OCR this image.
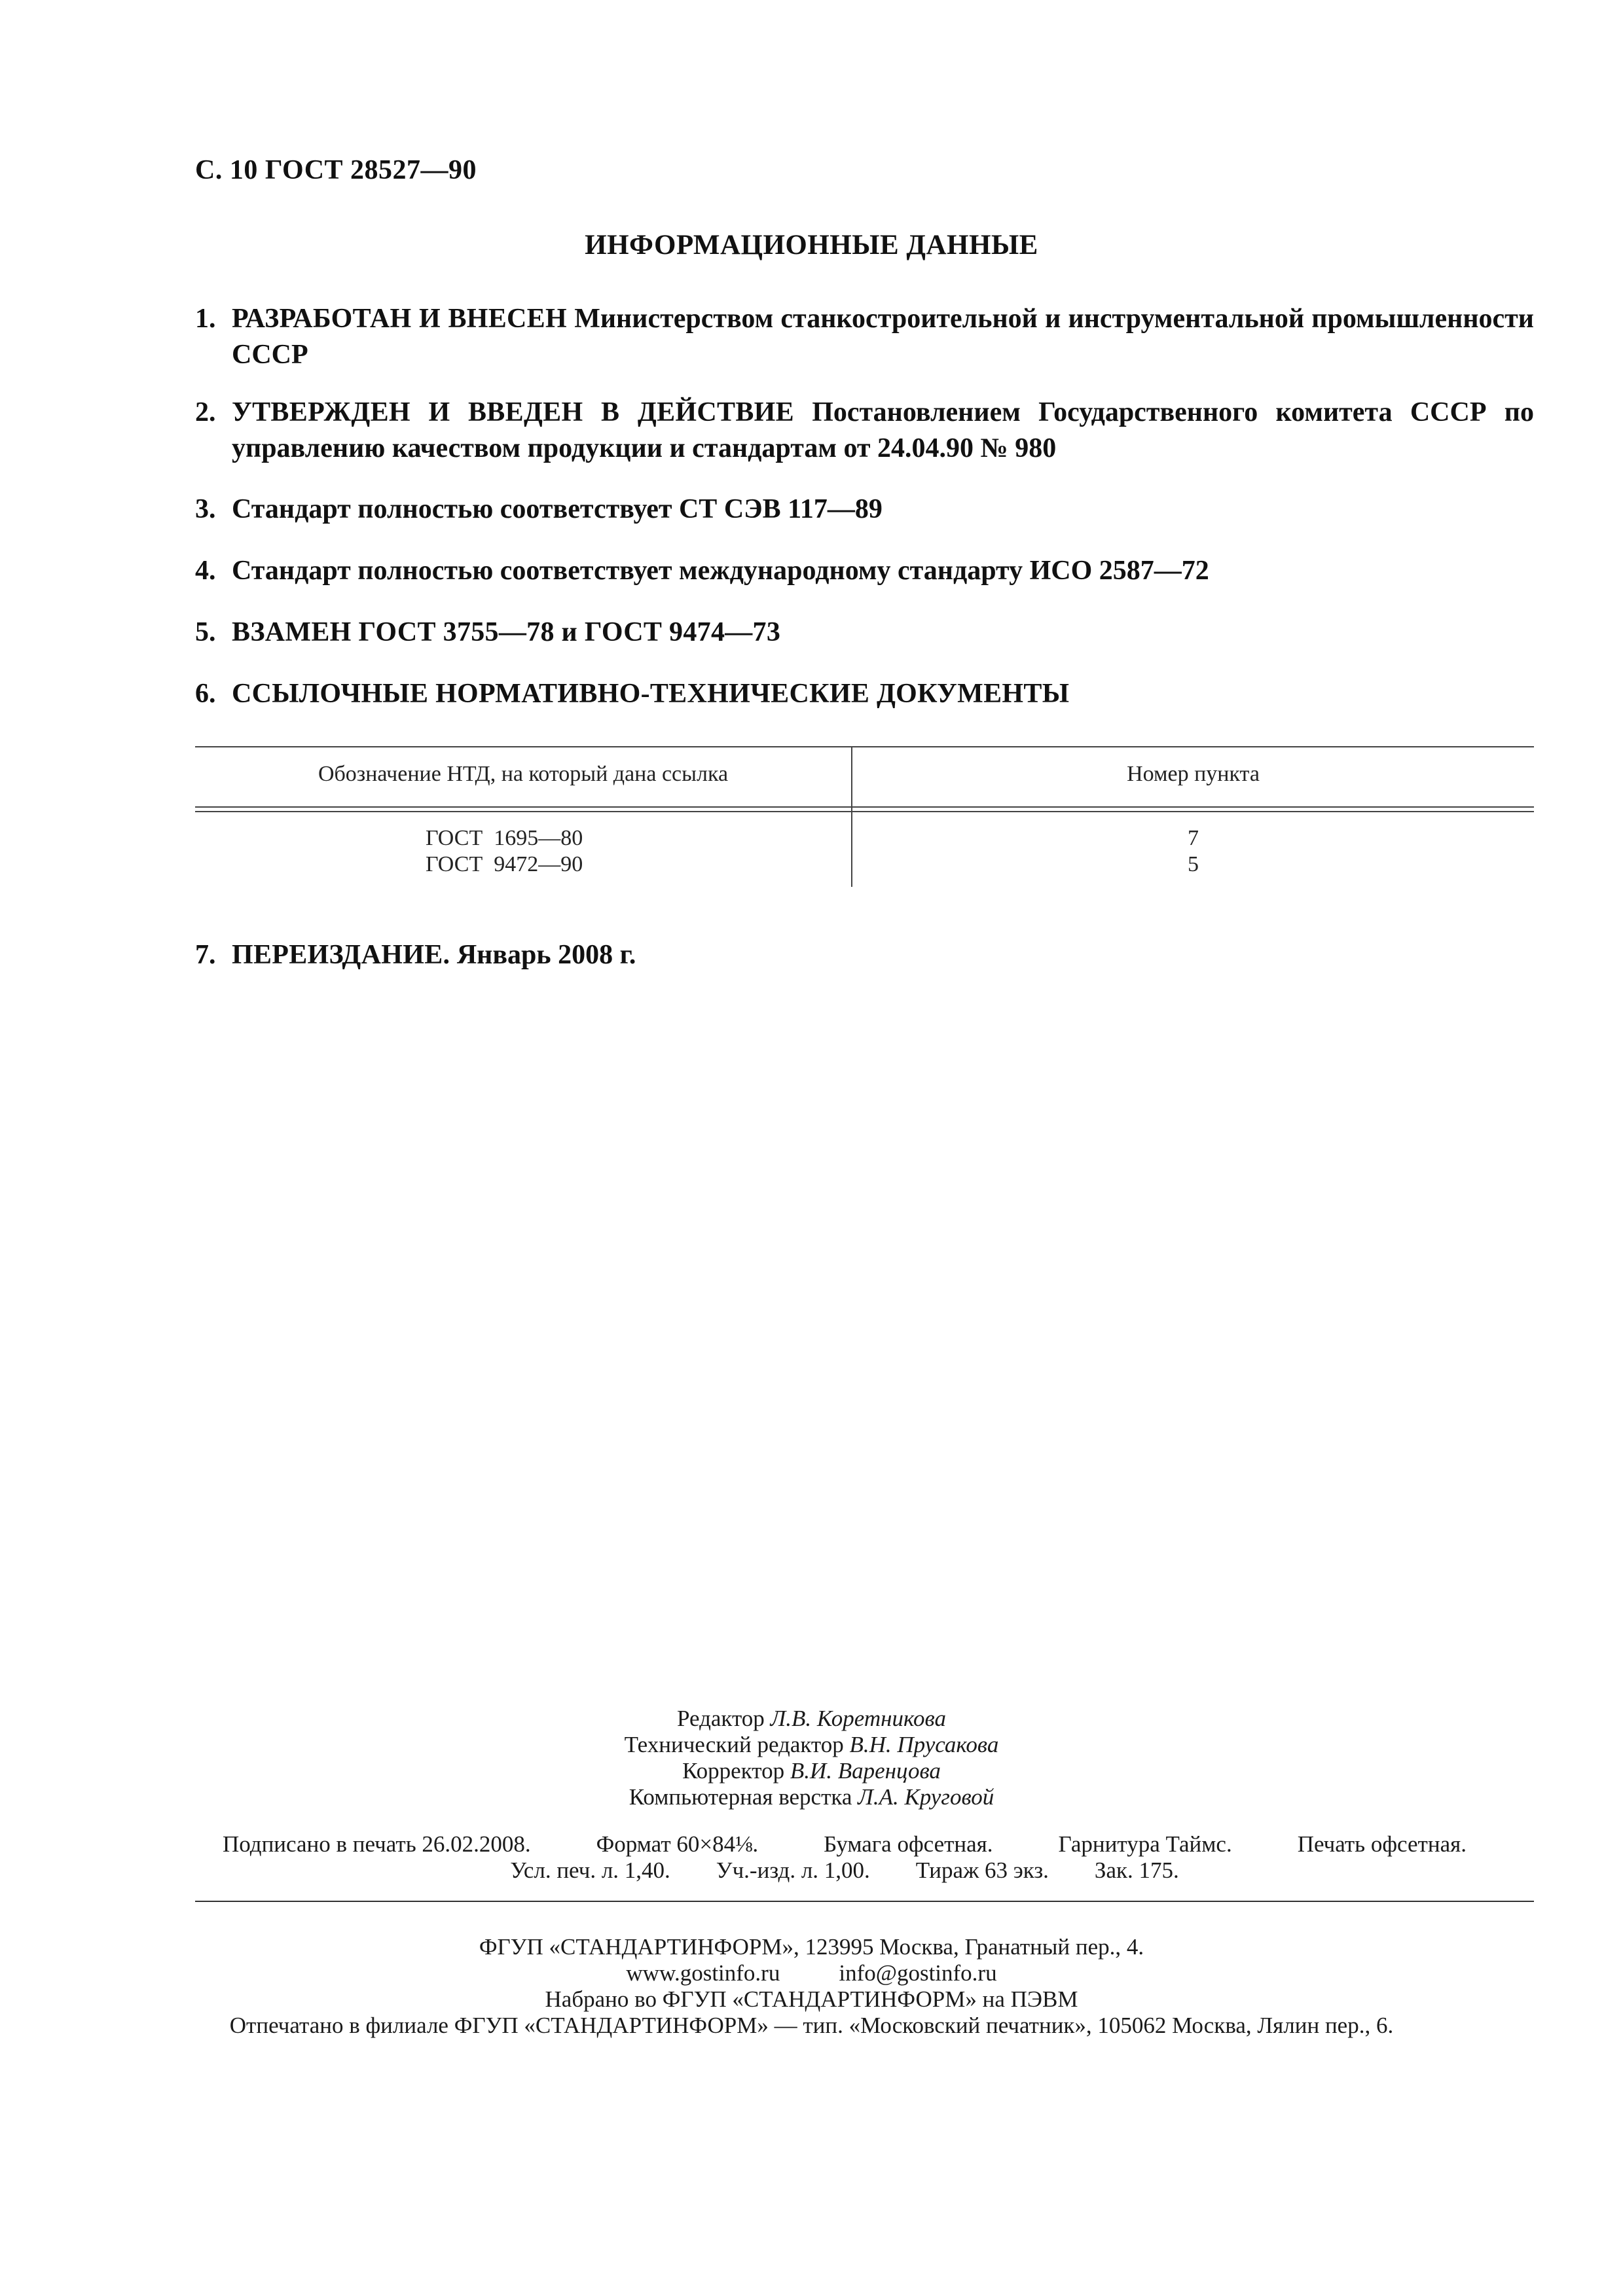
С. 10 ГОСТ 28527—90
ИНФОРМАЦИОННЫЕ ДАННЫЕ
1. РАЗРАБОТАН И ВНЕСЕН Министерством станкостроительной и инструментальной промышленности СССР
2. УТВЕРЖДЕН И ВВЕДЕН В ДЕЙСТВИЕ Постановлением Государственного комитета СССР по управлению качеством продукции и стандартам от 24.04.90 № 980
3. Стандарт полностью соответствует СТ СЭВ 117—89
4. Стандарт полностью соответствует международному стандарту ИСО 2587—72
5. ВЗАМЕН ГОСТ 3755—78 и ГОСТ 9474—73
6. ССЫЛОЧНЫЕ НОРМАТИВНО-ТЕХНИЧЕСКИЕ ДОКУМЕНТЫ
Обозначение НТД, на который дана ссылка	Номер пункта
ГОСТ  1695—80	7
ГОСТ  9472—90	5
7. ПЕРЕИЗДАНИЕ. Январь 2008 г.
Редактор Л.В. Коретникова
Технический редактор В.Н. Прусакова
Корректор В.И. Варенцова
Компьютерная верстка Л.А. Круговой
Подписано в печать 26.02.2008.	Формат 60×84⅛.	Бумага офсетная.	Гарнитура Таймс.	Печать офсетная.
Усл. печ. л. 1,40. Уч.-изд. л. 1,00. Тираж 63 экз. Зак. 175.
ФГУП «СТАНДАРТИНФОРМ», 123995 Москва, Гранатный пер., 4.
www.gostinfo.ru	info@gostinfo.ru
Набрано во ФГУП «СТАНДАРТИНФОРМ» на ПЭВМ
Отпечатано в филиале ФГУП «СТАНДАРТИНФОРМ» — тип. «Московский печатник», 105062 Москва, Лялин пер., 6.
